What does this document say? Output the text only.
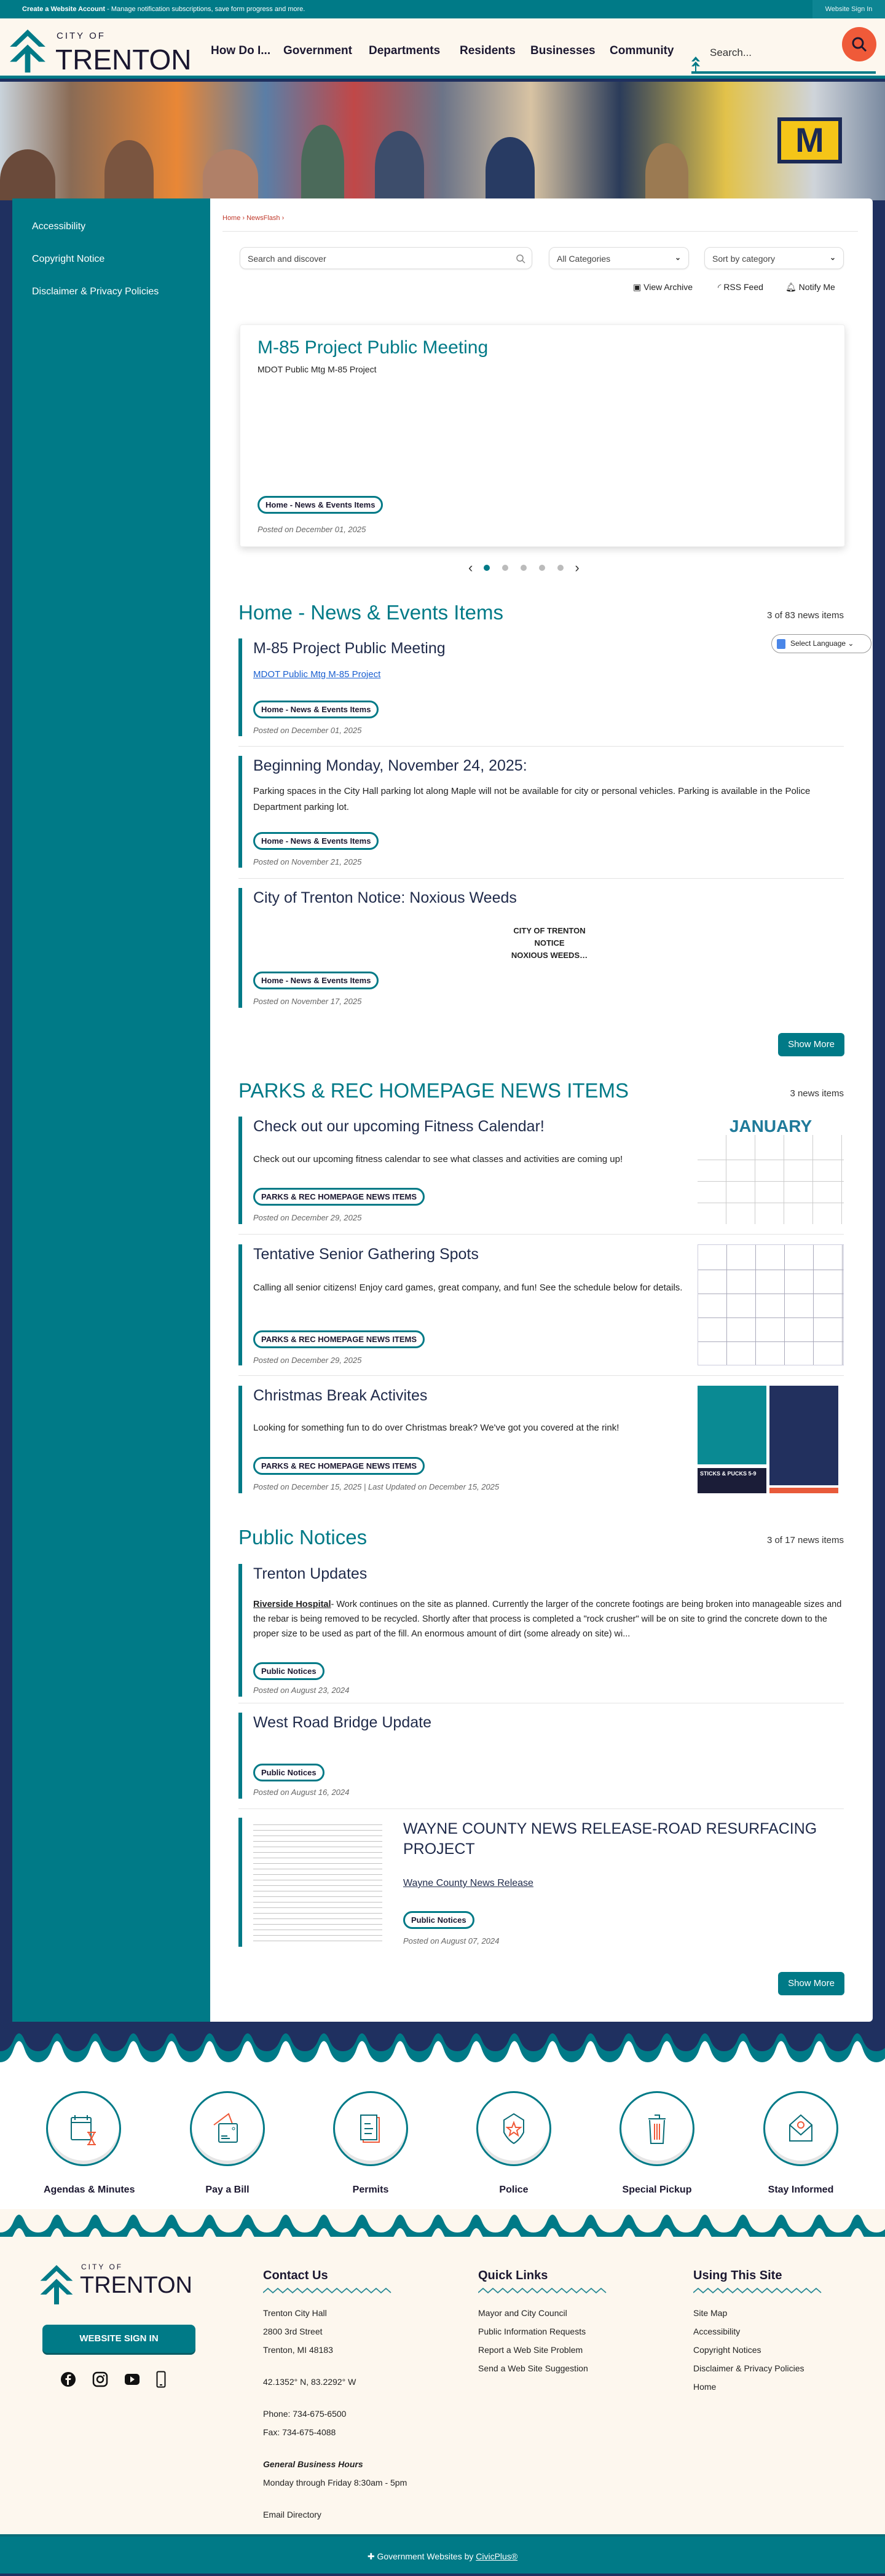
Create a Website Account - Manage notification subscriptions, save form progress and more.	Website Sign In
CITY OF
TRENTON How Do I... Government Departments Residents Businesses Community	Search...
M
Accessibility
Copyright Notice
Disclaimer & Privacy Policies
Home › NewsFlash ›
Search and discover	All Categories	⌄	Sort by category	⌄
▣ View Archive	◜ RSS Feed	🔔︎ Notify Me
M-85 Project Public Meeting
MDOT Public Mtg M-85 Project
Home - News & Events Items
Posted on December 01, 2025
‹	›
Home - News & Events Items	3 of 83 news items
Select Language ⌄
M-85 Project Public Meeting
MDOT Public Mtg M-85 Project
Home - News & Events Items
Posted on December 01, 2025
Beginning Monday, November 24, 2025:
Parking spaces in the City Hall parking lot along Maple will not be available for city or personal vehicles. Parking is available in the Police Department parking lot.
Home - News & Events Items
Posted on November 21, 2025
City of Trenton Notice: Noxious Weeds
CITY OF TRENTON
NOTICE
NOXIOUS WEEDS…
Home - News & Events Items
Posted on November 17, 2025
Show More
PARKS & REC HOMEPAGE NEWS ITEMS	3 news items
Check out our upcoming Fitness Calendar!
Check out our upcoming fitness calendar to see what classes and activities are coming up!
PARKS & REC HOMEPAGE NEWS ITEMS
Posted on December 29, 2025
JANUARY
Tentative Senior Gathering Spots
Calling all senior citizens! Enjoy card games, great company, and fun! See the schedule below for details.
PARKS & REC HOMEPAGE NEWS ITEMS
Posted on December 29, 2025
Christmas Break Activites
Looking for something fun to do over Christmas break? We've got you covered at the rink!
PARKS & REC HOMEPAGE NEWS ITEMS
Posted on December 15, 2025 | Last Updated on December 15, 2025
STICKS & PUCKS 5-9
Public Notices	3 of 17 news items
Trenton Updates
Riverside Hospital- Work continues on the site as planned. Currently the larger of the concrete footings are being broken into manageable sizes and the rebar is being removed to be recycled. Shortly after that process is completed a "rock crusher" will be on site to grind the concrete down to the proper size to be used as part of the fill. An enormous amount of dirt (some already on site) wi...
Public Notices
Posted on August 23, 2024
West Road Bridge Update
Public Notices
Posted on August 16, 2024
WAYNE COUNTY NEWS RELEASE-ROAD RESURFACING PROJECT
Wayne County News Release
Public Notices
Posted on August 07, 2024
Show More
Agendas & Minutes	Pay a Bill	Permits	Police	Special Pickup	Stay Informed
CITY OF
TRENTON
WEBSITE SIGN IN
Contact Us
Trenton City Hall
2800 3rd Street
Trenton, MI 48183
42.1352° N, 83.2292° W
Phone: 734-675-6500
Fax: 734-675-4088
General Business Hours
Monday through Friday 8:30am - 5pm
Email Directory
Quick Links
Mayor and City Council
Public Information Requests
Report a Web Site Problem
Send a Web Site Suggestion
Using This Site
Site Map
Accessibility
Copyright Notices
Disclaimer & Privacy Policies
Home
✚ Government Websites by CivicPlus®
